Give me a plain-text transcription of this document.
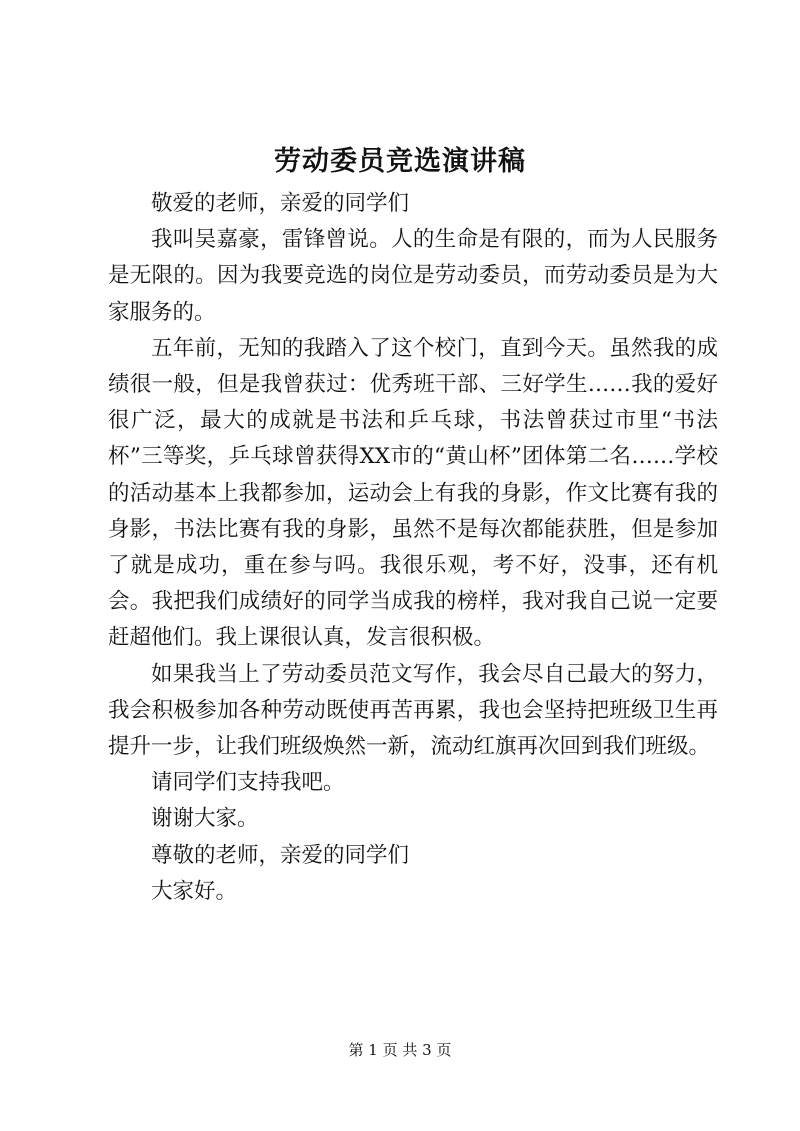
劳动委员竞选演讲稿

敬爱的老师，亲爱的同学们

我叫吴嘉豪，雷锋曾说。人的生命是有限的，而为人民服务是无限的。因为我要竞选的岗位是劳动委员，而劳动委员是为大家服务的。

五年前，无知的我踏入了这个校门，直到今天。虽然我的成绩很一般，但是我曾获过：优秀班干部、三好学生……我的爱好很广泛，最大的成就是书法和乒乓球，书法曾获过市里“书法杯”三等奖，乒乓球曾获得XX市的“黄山杯”团体第二名……学校的活动基本上我都参加，运动会上有我的身影，作文比赛有我的身影，书法比赛有我的身影，虽然不是每次都能获胜，但是参加了就是成功，重在参与吗。我很乐观，考不好，没事，还有机会。我把我们成绩好的同学当成我的榜样，我对我自己说一定要赶超他们。我上课很认真，发言很积极。

如果我当上了劳动委员范文写作，我会尽自己最大的努力，我会积极参加各种劳动既使再苦再累，我也会坚持把班级卫生再提升一步，让我们班级焕然一新，流动红旗再次回到我们班级。

请同学们支持我吧。

谢谢大家。

尊敬的老师，亲爱的同学们

大家好。

第 1 页 共 3 页
